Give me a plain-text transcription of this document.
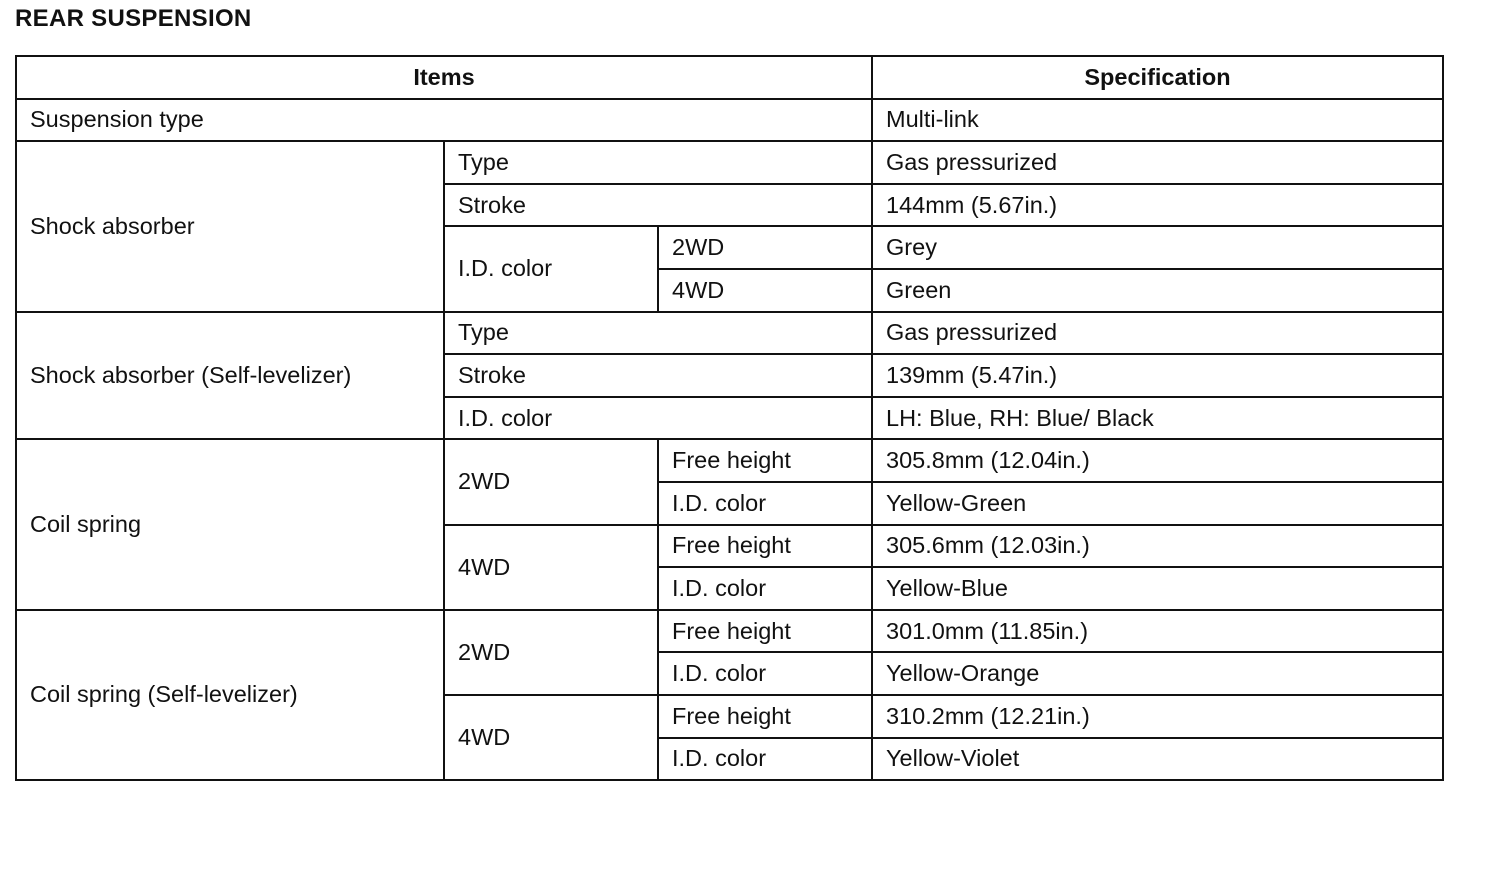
REAR SUSPENSION
Items			Specification
Suspension type			Multi-link
Shock absorber	Type		Gas pressurized
	Stroke		144mm (5.67in.)
	I.D. color	2WD	Grey
		4WD	Green
Shock absorber (Self-levelizer)	Type		Gas pressurized
	Stroke		139mm (5.47in.)
	I.D. color		LH: Blue, RH: Blue/ Black
Coil spring	2WD	Free height	305.8mm (12.04in.)
		I.D. color	Yellow-Green
	4WD	Free height	305.6mm (12.03in.)
		I.D. color	Yellow-Blue
Coil spring (Self-levelizer)	2WD	Free height	301.0mm (11.85in.)
		I.D. color	Yellow-Orange
	4WD	Free height	310.2mm (12.21in.)
		I.D. color	Yellow-Violet
